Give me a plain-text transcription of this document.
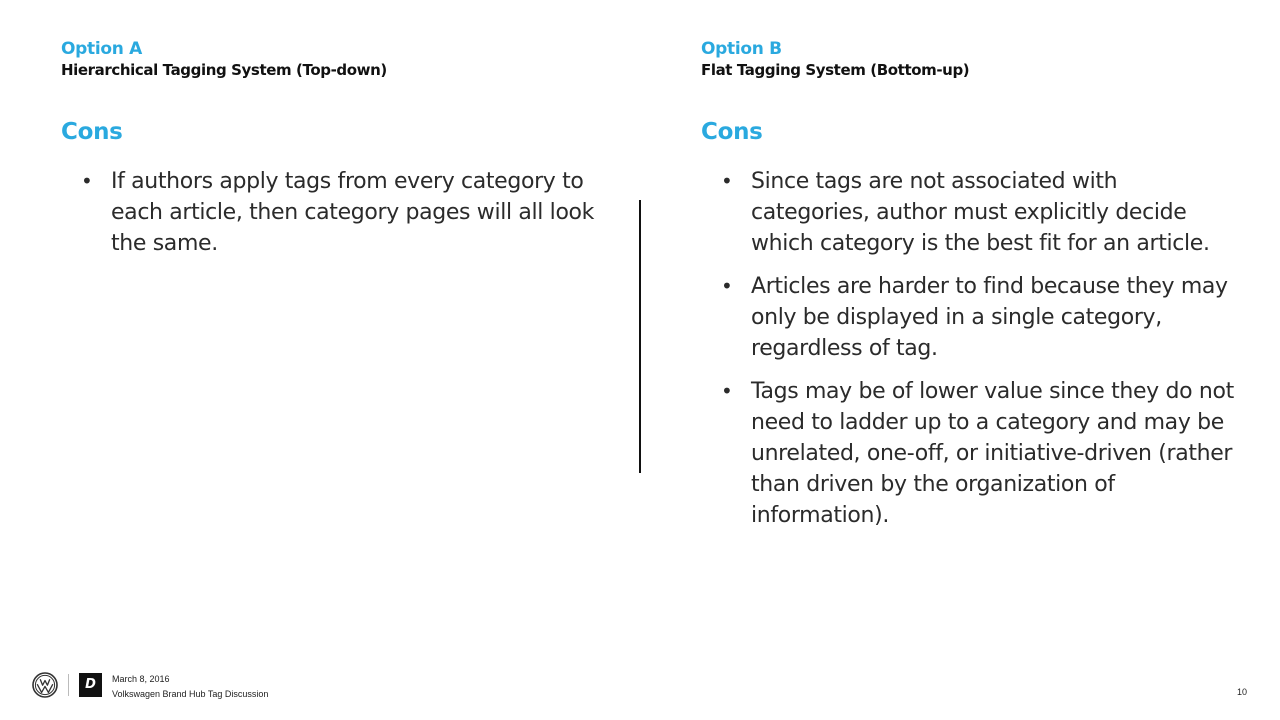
Option A
Hierarchical Tagging System (Top-down)
Cons
• If authors apply tags from every category to each article, then category pages will all look the same.
Option B
Flat Tagging System (Bottom-up)
Cons
• Since tags are not associated with categories, author must explicitly decide which category is the best fit for an article.
• Articles are harder to find because they may only be displayed in a single category, regardless of tag.
• Tags may be of lower value since they do not need to ladder up to a category and may be unrelated, one-off, or initiative-driven (rather than driven by the organization of information).
D	March 8, 2016
Volkswagen Brand Hub Tag Discussion	10
